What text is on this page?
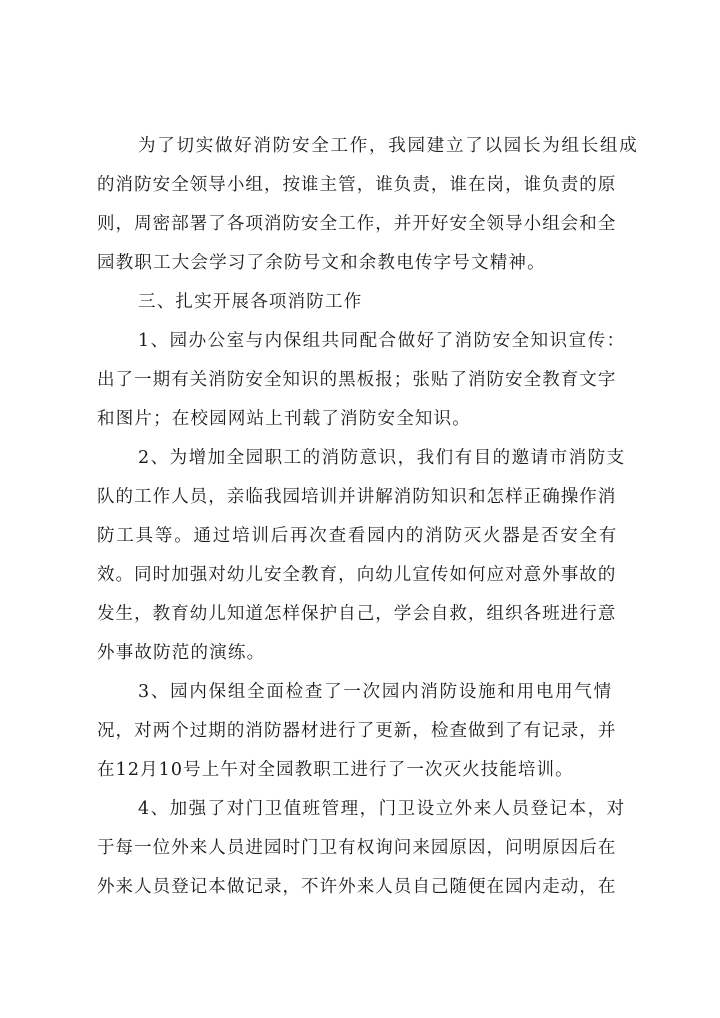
为了切实做好消防安全工作，我园建立了以园长为组长组成
的消防安全领导小组，按谁主管，谁负责，谁在岗，谁负责的原
则，周密部署了各项消防安全工作，并开好安全领导小组会和全
园教职工大会学习了余防号文和余教电传字号文精神。
三、扎实开展各项消防工作
1、园办公室与内保组共同配合做好了消防安全知识宣传：
出了一期有关消防安全知识的黑板报；张贴了消防安全教育文字
和图片；在校园网站上刊载了消防安全知识。
2、为增加全园职工的消防意识，我们有目的邀请市消防支
队的工作人员，亲临我园培训并讲解消防知识和怎样正确操作消
防工具等。通过培训后再次查看园内的消防灭火器是否安全有
效。同时加强对幼儿安全教育，向幼儿宣传如何应对意外事故的
发生，教育幼儿知道怎样保护自己，学会自救，组织各班进行意
外事故防范的演练。
3、园内保组全面检查了一次园内消防设施和用电用气情
况，对两个过期的消防器材进行了更新，检查做到了有记录，并
在12月10号上午对全园教职工进行了一次灭火技能培训。
4、加强了对门卫值班管理，门卫设立外来人员登记本，对
于每一位外来人员进园时门卫有权询问来园原因，问明原因后在
外来人员登记本做记录，不许外来人员自己随便在园内走动，在
